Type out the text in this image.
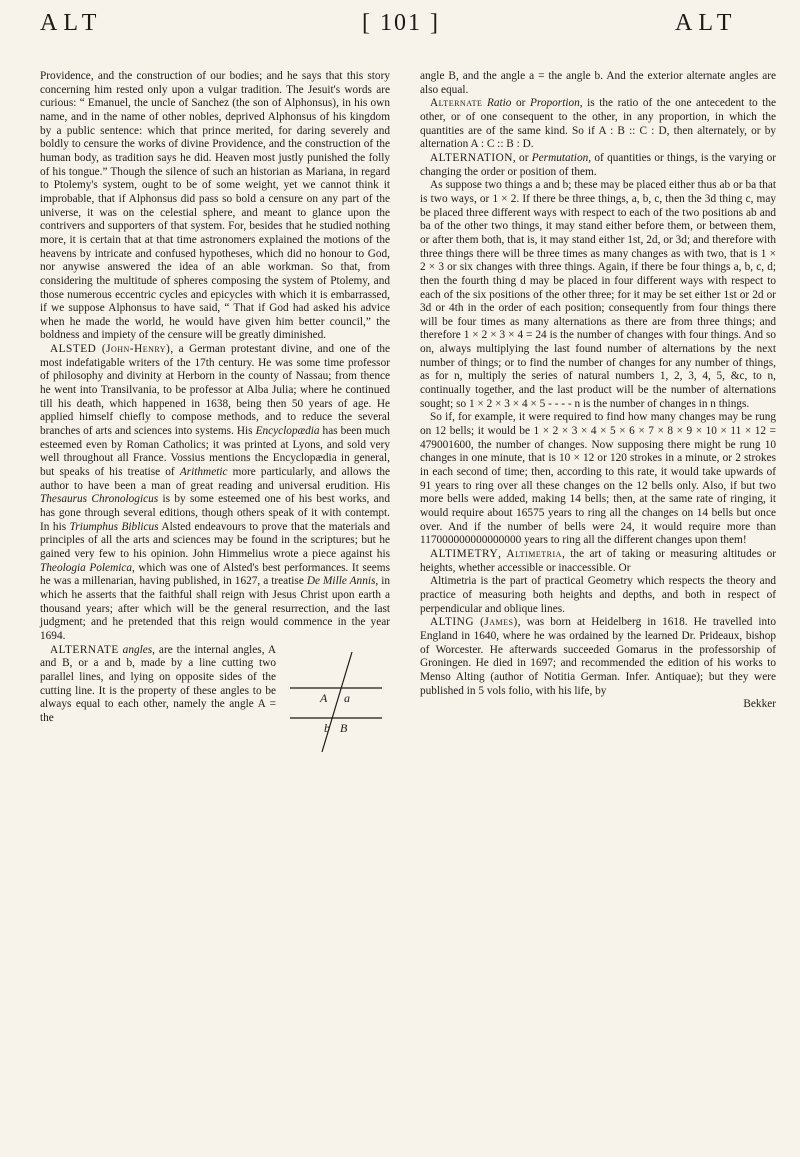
ALT	[ 101 ]	ALT

Providence, and the construction of our bodies; and he says that this story concerning him rested only upon a vulgar tradition. The Jesuit's words are curious: “ Emanuel, the uncle of Sanchez (the son of Alphonsus), in his own name, and in the name of other nobles, deprived Alphonsus of his kingdom by a public sentence: which that prince merited, for daring severely and boldly to censure the works of divine Providence, and the construction of the human body, as tradition says he did. Heaven most justly punished the folly of his tongue.” Though the silence of such an historian as Mariana, in regard to Ptolemy's system, ought to be of some weight, yet we cannot think it improbable, that if Alphonsus did pass so bold a censure on any part of the universe, it was on the celestial sphere, and meant to glance upon the contrivers and supporters of that system. For, besides that he studied nothing more, it is certain that at that time astronomers explained the motions of the heavens by intricate and confused hypotheses, which did no honour to God, nor anywise answered the idea of an able workman. So that, from considering the multitude of spheres composing the system of Ptolemy, and those numerous eccentric cycles and epicycles with which it is embarrassed, if we suppose Alphonsus to have said, “ That if God had asked his advice when he made the world, he would have given him better council,” the boldness and impiety of the censure will be greatly diminished.

ALSTED (John-Henry), a German protestant divine, and one of the most indefatigable writers of the 17th century. He was some time professor of philosophy and divinity at Herborn in the county of Nassau; from thence he went into Transilvania, to be professor at Alba Julia; where he continued till his death, which happened in 1638, being then 50 years of age. He applied himself chiefly to compose methods, and to reduce the several branches of arts and sciences into systems. His Encyclopædia has been much esteemed even by Roman Catholics; it was printed at Lyons, and sold very well throughout all France. Vossius mentions the Encyclopædia in general, but speaks of his treatise of Arithmetic more particularly, and allows the author to have been a man of great reading and universal erudition. His Thesaurus Chronologicus is by some esteemed one of his best works, and has gone through several editions, though others speak of it with contempt. In his Triumphus Biblicus Alsted endeavours to prove that the materials and principles of all the arts and sciences may be found in the scriptures; but he gained very few to his opinion. John Himmelius wrote a piece against his Theologia Polemica, which was one of Alsted's best performances. It seems he was a millenarian, having published, in 1627, a treatise De Mille Annis, in which he asserts that the faithful shall reign with Jesus Christ upon earth a thousand years; after which will be the general resurrection, and the last judgment; and he pretended that this reign would commence in the year 1694.

A a
b B

ALTERNATE angles, are the internal angles, A and B, or a and b, made by a line cutting two parallel lines, and lying on opposite sides of the cutting line. It is the property of these angles to be always equal to each other, namely the angle A = the

angle B, and the angle a = the angle b. And the exterior alternate angles are also equal.

Alternate Ratio or Proportion, is the ratio of the one antecedent to the other, or of one consequent to the other, in any proportion, in which the quantities are of the same kind. So if A : B :: C : D, then alternately, or by alternation A : C :: B : D.

ALTERNATION, or Permutation, of quantities or things, is the varying or changing the order or position of them.

As suppose two things a and b; these may be placed either thus ab or ba that is two ways, or 1 × 2. If there be three things, a, b, c, then the 3d thing c, may be placed three different ways with respect to each of the two positions ab and ba of the other two things, it may stand either before them, or between them, or after them both, that is, it may stand either 1st, 2d, or 3d; and therefore with three things there will be three times as many changes as with two, that is 1 × 2 × 3 or six changes with three things. Again, if there be four things a, b, c, d; then the fourth thing d may be placed in four different ways with respect to each of the six positions of the other three; for it may be set either 1st or 2d or 3d or 4th in the order of each position; consequently from four things there will be four times as many alternations as there are from three things; and therefore 1 × 2 × 3 × 4 = 24 is the number of changes with four things. And so on, always multiplying the last found number of alternations by the next number of things; or to find the number of changes for any number of things, as for n, multiply the series of natural numbers 1, 2, 3, 4, 5, &c, to n, continually together, and the last product will be the number of alternations sought; so 1 × 2 × 3 × 4 × 5 - - - - n is the number of changes in n things.

So if, for example, it were required to find how many changes may be rung on 12 bells; it would be 1 × 2 × 3 × 4 × 5 × 6 × 7 × 8 × 9 × 10 × 11 × 12 = 479001600, the number of changes. Now supposing there might be rung 10 changes in one minute, that is 10 × 12 or 120 strokes in a minute, or 2 strokes in each second of time; then, according to this rate, it would take upwards of 91 years to ring over all these changes on the 12 bells only. Also, if but two more bells were added, making 14 bells; then, at the same rate of ringing, it would require about 16575 years to ring all the changes on 14 bells but once over. And if the number of bells were 24, it would require more than 117000000000000000 years to ring all the different changes upon them!

ALTIMETRY, Altimetria, the art of taking or measuring altitudes or heights, whether accessible or inaccessible. Or

Altimetria is the part of practical Geometry which respects the theory and practice of measuring both heights and depths, and both in respect of perpendicular and oblique lines.

ALTING (James), was born at Heidelberg in 1618. He travelled into England in 1640, where he was ordained by the learned Dr. Prideaux, bishop of Worcester. He afterwards succeeded Gomarus in the professorship of Groningen. He died in 1697; and recommended the edition of his works to Menso Alting (author of Notitia German. Infer. Antiquae); but they were published in 5 vols folio, with his life, by

Bekker
